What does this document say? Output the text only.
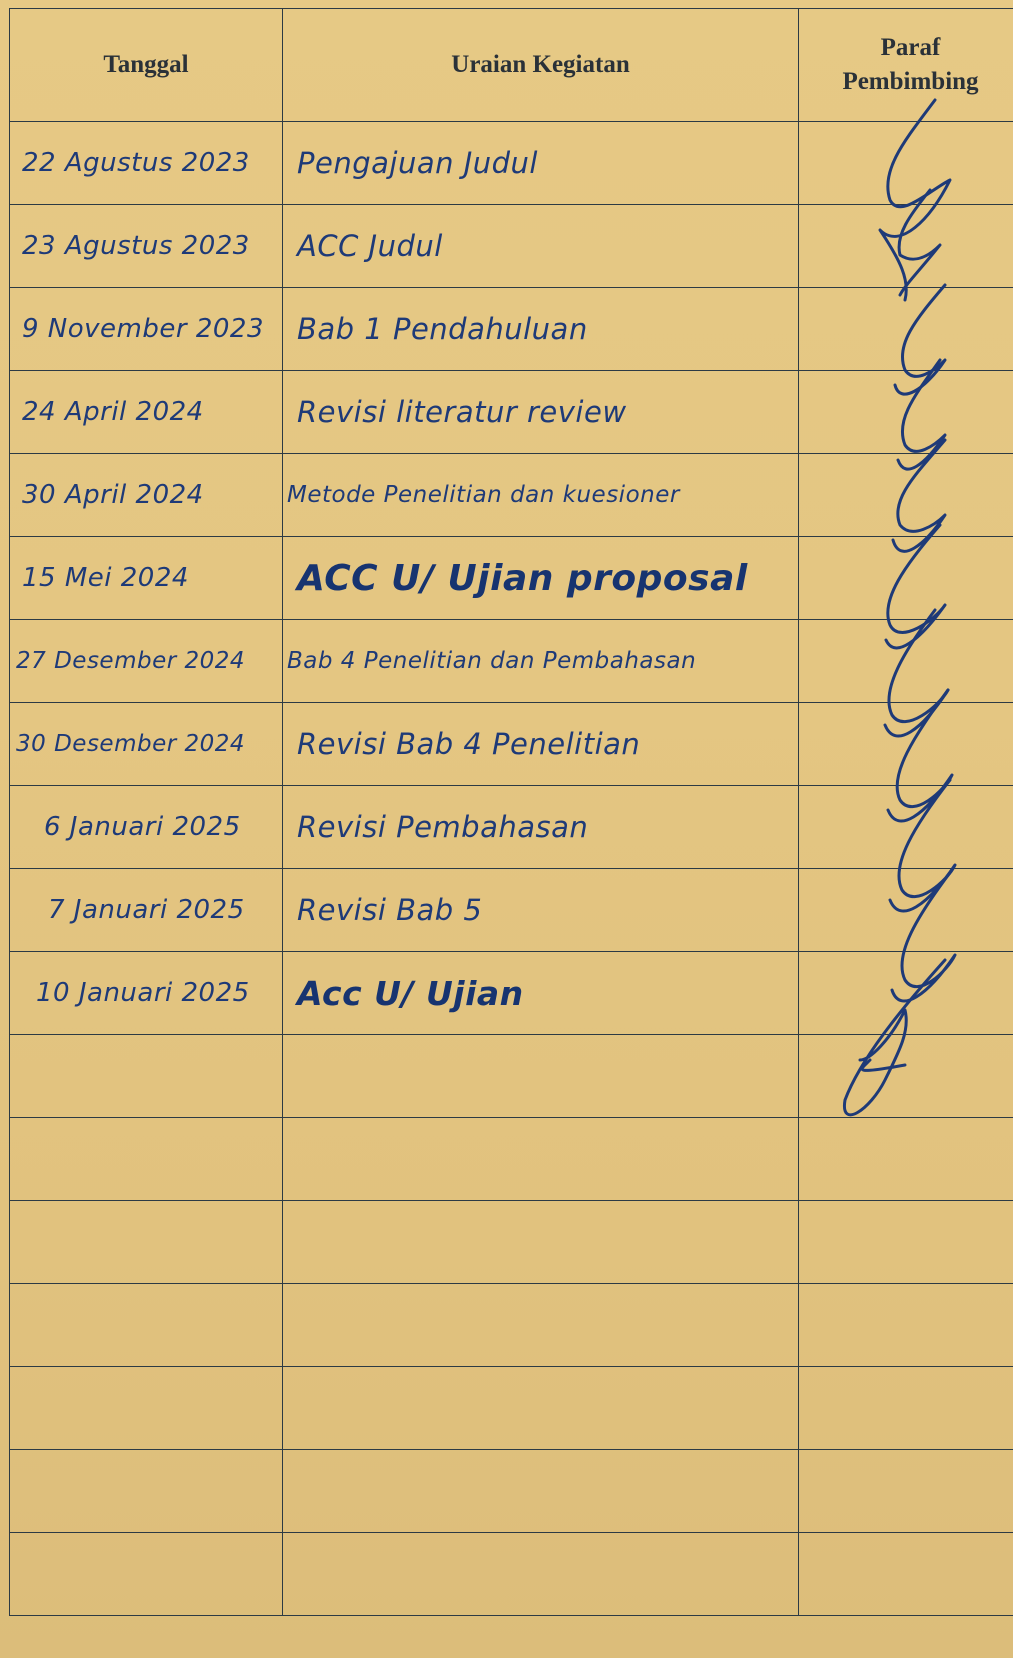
Tanggal	Uraian Kegiatan	Paraf Pembimbing

22 Agustus 2023	Pengajuan Judul	

23 Agustus 2023	ACC Judul	

9 November 2023	Bab 1 Pendahuluan	

24 April 2024	Revisi literatur review	

30 April 2024	Metode Penelitian dan kuesioner	

15 Mei 2024	ACC U/ Ujian proposal	

27 Desember 2024	Bab 4 Penelitian dan Pembahasan	

30 Desember 2024	Revisi Bab 4 Penelitian	

6 Januari 2025	Revisi Pembahasan	

7 Januari 2025	Revisi Bab 5	

10 Januari 2025	Acc U/ Ujian	
